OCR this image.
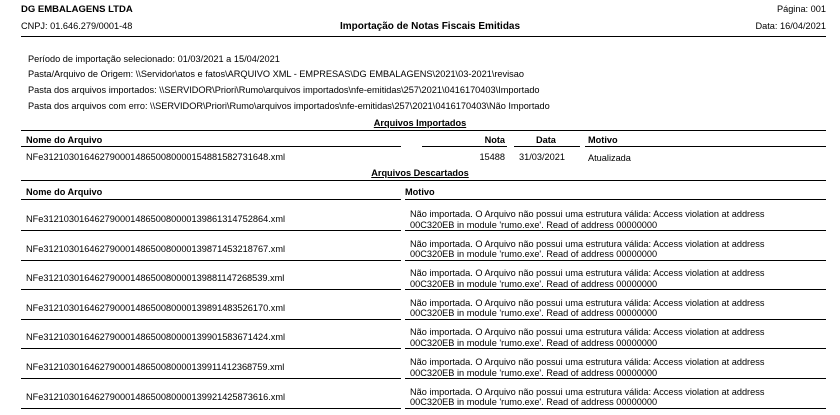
DG EMBALAGENS LTDA
CNPJ: 01.646.279/0001-48	Importação de Notas Fiscais Emitidas
Página: 001
Data: 16/04/2021
Período de importação selecionado: 01/03/2021 a 15/04/2021
Pasta/Arquivo de Origem: \\Servidor\atos e fatos\ARQUIVO XML - EMPRESAS\DG EMBALAGENS\2021\03-2021\revisao
Pasta dos arquivos importados: \\SERVIDOR\Priori\Rumo\arquivos importados\nfe-emitidas\257\2021\0416170403\Importado
Pasta dos arquivos com erro: \\SERVIDOR\Priori\Rumo\arquivos importados\nfe-emitidas\257\2021\0416170403\Não Importado
Arquivos Importados
Nome do Arquivo	Nota	Data	Motivo
NFe31210301646279000148650080000154881582731648.xml	15488 31/03/2021	Atualizada
Arquivos Descartados
Nome do Arquivo	Motivo
NFe31210301646279000148650080000139861314752864.xml	Não importada. O Arquivo não possui uma estrutura válida: Access violation at address 00C320EB in module 'rumo.exe'. Read of address 00000000
NFe31210301646279000148650080000139871453218767.xml	Não importada. O Arquivo não possui uma estrutura válida: Access violation at address 00C320EB in module 'rumo.exe'. Read of address 00000000
NFe31210301646279000148650080000139881147268539.xml	Não importada. O Arquivo não possui uma estrutura válida: Access violation at address 00C320EB in module 'rumo.exe'. Read of address 00000000
NFe31210301646279000148650080000139891483526170.xml	Não importada. O Arquivo não possui uma estrutura válida: Access violation at address 00C320EB in module 'rumo.exe'. Read of address 00000000
NFe31210301646279000148650080000139901583671424.xml	Não importada. O Arquivo não possui uma estrutura válida: Access violation at address 00C320EB in module 'rumo.exe'. Read of address 00000000
NFe31210301646279000148650080000139911412368759.xml	Não importada. O Arquivo não possui uma estrutura válida: Access violation at address 00C320EB in module 'rumo.exe'. Read of address 00000000
NFe31210301646279000148650080000139921425873616.xml	Não importada. O Arquivo não possui uma estrutura válida: Access violation at address 00C320EB in module 'rumo.exe'. Read of address 00000000
